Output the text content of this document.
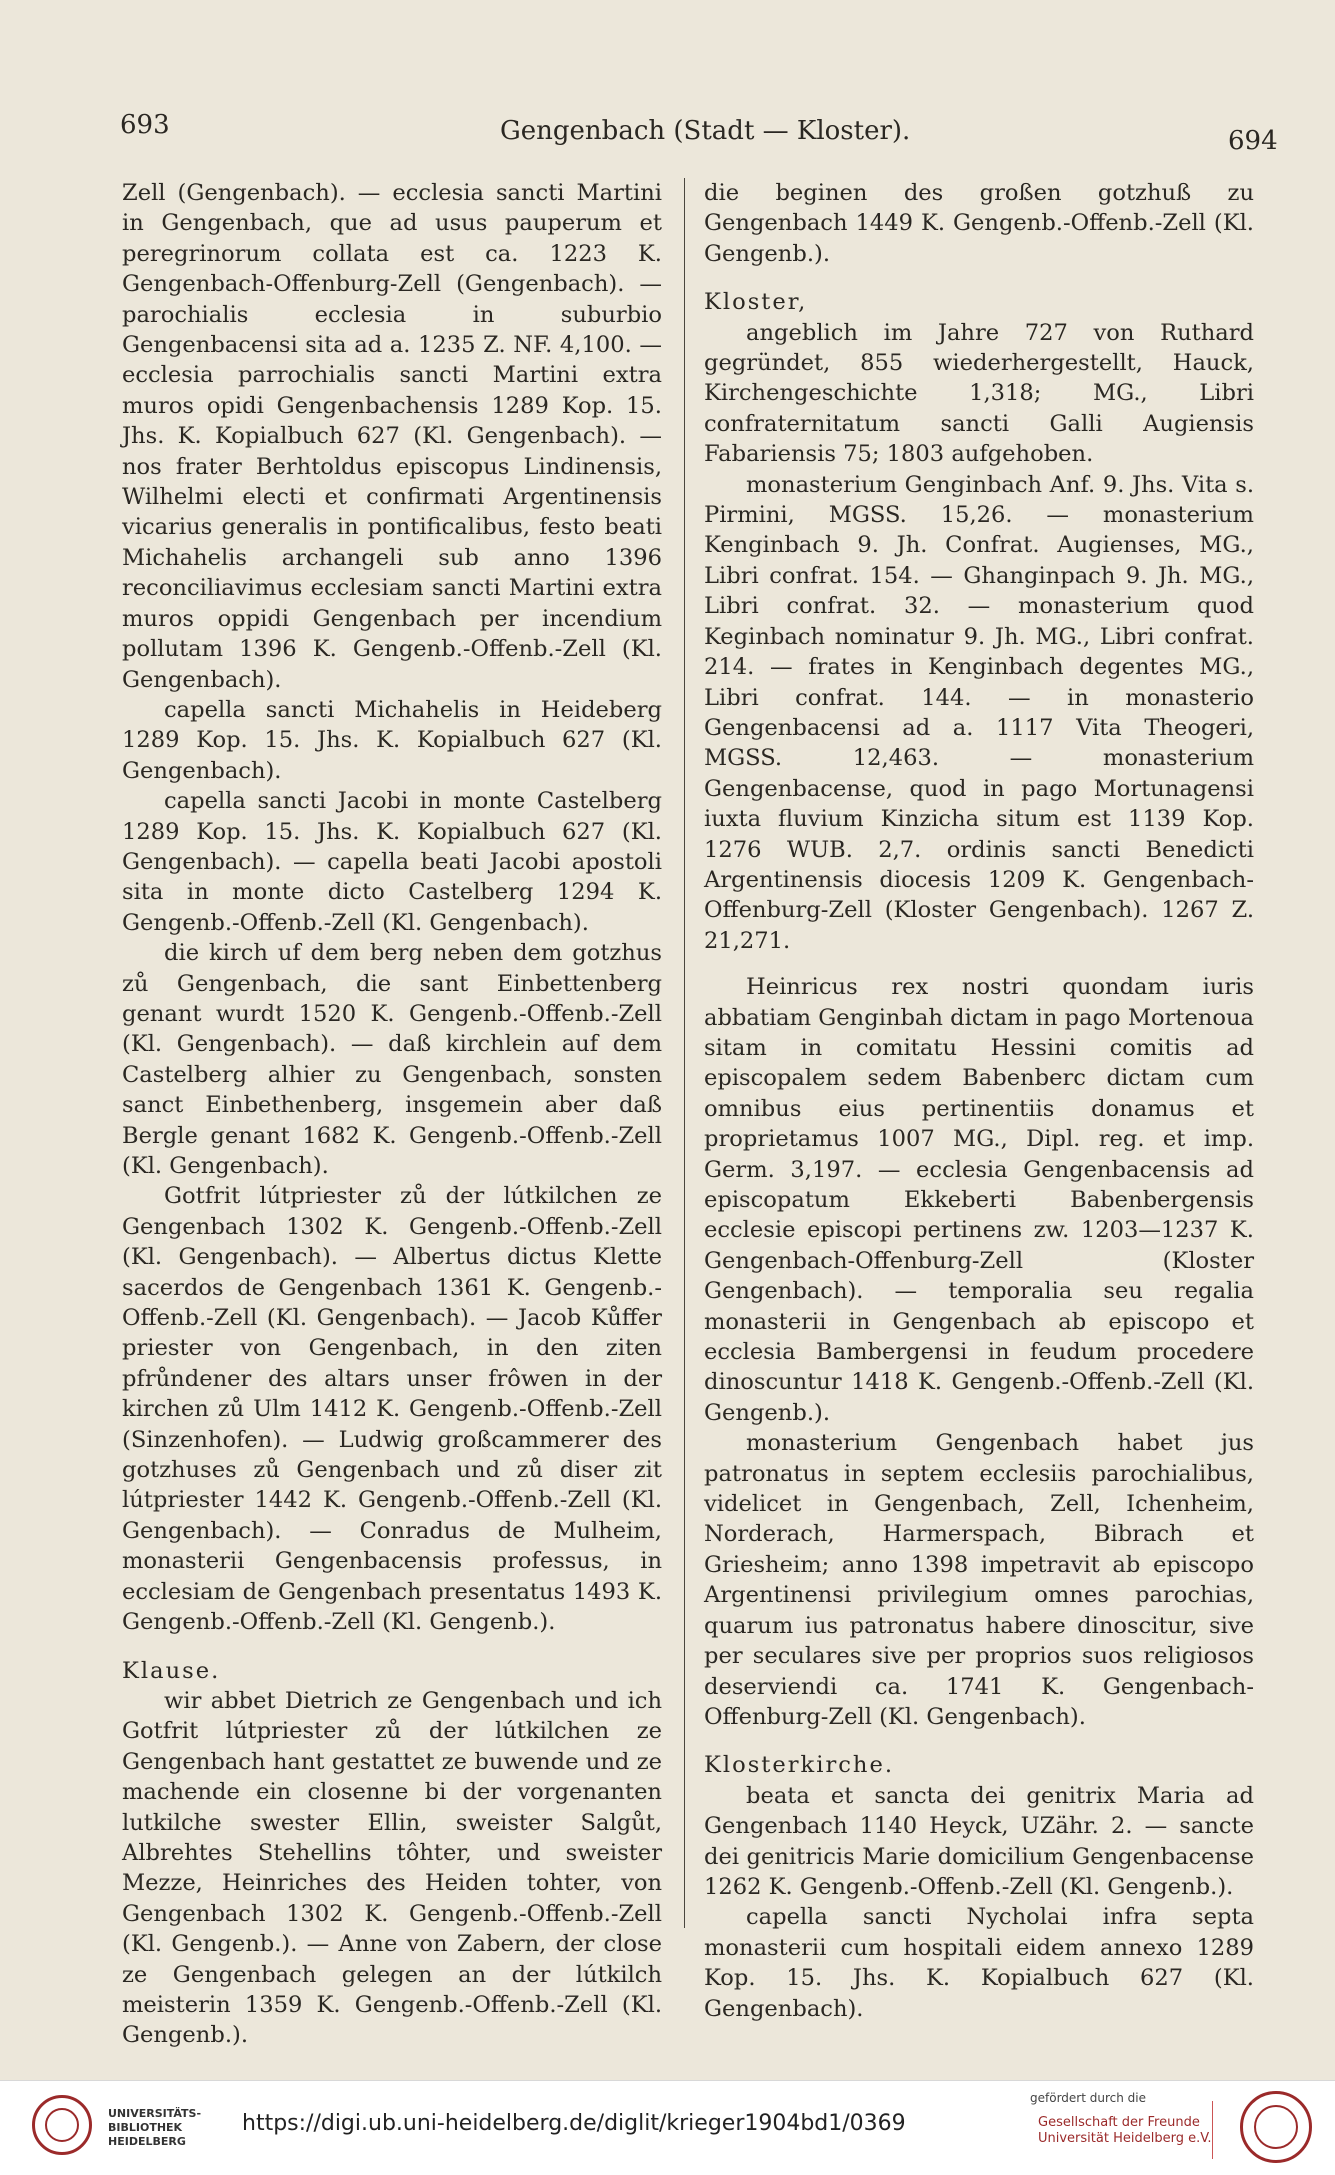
693	Gengenbach (Stadt — Kloster).	694

Zell (Gengenbach). — ecclesia sancti Martini in Gengenbach, que ad usus pauperum et peregrinorum collata est ca. 1223 K. Gengenbach-Offenburg-Zell (Gengenbach). — parochialis ecclesia in suburbio Gengenbacensi sita ad a. 1235 Z. NF. 4,100. — ecclesia parrochialis sancti Martini extra muros opidi Gengenbachensis 1289 Kop. 15. Jhs. K. Kopialbuch 627 (Kl. Gengenbach). — nos frater Berhtoldus episcopus Lindinensis, Wilhelmi electi et confirmati Argentinensis vicarius generalis in pontificalibus, festo beati Michahelis archangeli sub anno 1396 reconciliavimus ecclesiam sancti Martini extra muros oppidi Gengenbach per incendium pollutam 1396 K. Gengenb.-Offenb.-Zell (Kl. Gengenbach).

capella sancti Michahelis in Heideberg 1289 Kop. 15. Jhs. K. Kopialbuch 627 (Kl. Gengenbach).

capella sancti Jacobi in monte Castelberg 1289 Kop. 15. Jhs. K. Kopialbuch 627 (Kl. Gengenbach). — capella beati Jacobi apostoli sita in monte dicto Castelberg 1294 K. Gengenb.-Offenb.-Zell (Kl. Gengenbach).

die kirch uf dem berg neben dem gotzhus zů Gengenbach, die sant Einbettenberg genant wurdt 1520 K. Gengenb.-Offenb.-Zell (Kl. Gengenbach). — daß kirchlein auf dem Castelberg alhier zu Gengenbach, sonsten sanct Einbethenberg, insgemein aber daß Bergle genant 1682 K. Gengenb.-Offenb.-Zell (Kl. Gengenbach).

Gotfrit lútpriester zů der lútkilchen ze Gengenbach 1302 K. Gengenb.-Offenb.-Zell (Kl. Gengenbach). — Albertus dictus Klette sacerdos de Gengenbach 1361 K. Gengenb.-Offenb.-Zell (Kl. Gengenbach). — Jacob Kůffer priester von Gengenbach, in den ziten pfrůndener des altars unser frôwen in der kirchen zů Ulm 1412 K. Gengenb.-Offenb.-Zell (Sinzenhofen). — Ludwig großcammerer des gotzhuses zů Gengenbach und zů diser zit lútpriester 1442 K. Gengenb.-Offenb.-Zell (Kl. Gengenbach). — Conradus de Mulheim, monasterii Gengenbacensis professus, in ecclesiam de Gengenbach presentatus 1493 K. Gengenb.-Offenb.-Zell (Kl. Gengenb.).

Klause.

wir abbet Dietrich ze Gengenbach und ich Gotfrit lútpriester zů der lútkilchen ze Gengenbach hant gestattet ze buwende und ze machende ein closenne bi der vorgenanten lutkilche swester Ellin, sweister Salgůt, Albrehtes Stehellins tôhter, und sweister Mezze, Heinriches des Heiden tohter, von Gengenbach 1302 K. Gengenb.-Offenb.-Zell (Kl. Gengenb.). — Anne von Zabern, der close ze Gengenbach gelegen an der lútkilch meisterin 1359 K. Gengenb.-Offenb.-Zell (Kl. Gengenb.).

die beginen des großen gotzhuß zu Gengenbach 1449 K. Gengenb.-Offenb.-Zell (Kl. Gengenb.).

Kloster,

angeblich im Jahre 727 von Ruthard gegründet, 855 wiederhergestellt, Hauck, Kirchengeschichte 1,318; MG., Libri confraternitatum sancti Galli Augiensis Fabariensis 75; 1803 aufgehoben.

monasterium Genginbach Anf. 9. Jhs. Vita s. Pirmini, MGSS. 15,26. — monasterium Kenginbach 9. Jh. Confrat. Augienses, MG., Libri confrat. 154. — Ghanginpach 9. Jh. MG., Libri confrat. 32. — monasterium quod Keginbach nominatur 9. Jh. MG., Libri confrat. 214. — frates in Kenginbach degentes MG., Libri confrat. 144. — in monasterio Gengenbacensi ad a. 1117 Vita Theogeri, MGSS. 12,463. — monasterium Gengenbacense, quod in pago Mortunagensi iuxta fluvium Kinzicha situm est 1139 Kop. 1276 WUB. 2,7. ordinis sancti Benedicti Argentinensis diocesis 1209 K. Gengenbach-Offenburg-Zell (Kloster Gengenbach). 1267 Z. 21,271.

Heinricus rex nostri quondam iuris abbatiam Genginbah dictam in pago Mortenoua sitam in comitatu Hessini comitis ad episcopalem sedem Babenberc dictam cum omnibus eius pertinentiis donamus et proprietamus 1007 MG., Dipl. reg. et imp. Germ. 3,197. — ecclesia Gengenbacensis ad episcopatum Ekkeberti Babenbergensis ecclesie episcopi pertinens zw. 1203—1237 K. Gengenbach-Offenburg-Zell (Kloster Gengenbach). — temporalia seu regalia monasterii in Gengenbach ab episcopo et ecclesia Bambergensi in feudum procedere dinoscuntur 1418 K. Gengenb.-Offenb.-Zell (Kl. Gengenb.).

monasterium Gengenbach habet jus patronatus in septem ecclesiis parochialibus, videlicet in Gengenbach, Zell, Ichenheim, Norderach, Harmerspach, Bibrach et Griesheim; anno 1398 impetravit ab episcopo Argentinensi privilegium omnes parochias, quarum ius patronatus habere dinoscitur, sive per seculares sive per proprios suos religiosos deserviendi ca. 1741 K. Gengenbach-Offenburg-Zell (Kl. Gengenbach).

Klosterkirche.

beata et sancta dei genitrix Maria ad Gengenbach 1140 Heyck, UZähr. 2. — sancte dei genitricis Marie domicilium Gengenbacense 1262 K. Gengenb.-Offenb.-Zell (Kl. Gengenb.).

capella sancti Nycholai infra septa monasterii cum hospitali eidem annexo 1289 Kop. 15. Jhs. K. Kopialbuch 627 (Kl. Gengenbach).

UNIVERSITÄTS-
BIBLIOTHEK
HEIDELBERG
https://digi.ub.uni-heidelberg.de/diglit/krieger1904bd1/0369
gefördert durch die
Gesellschaft der Freunde
Universität Heidelberg e.V.
